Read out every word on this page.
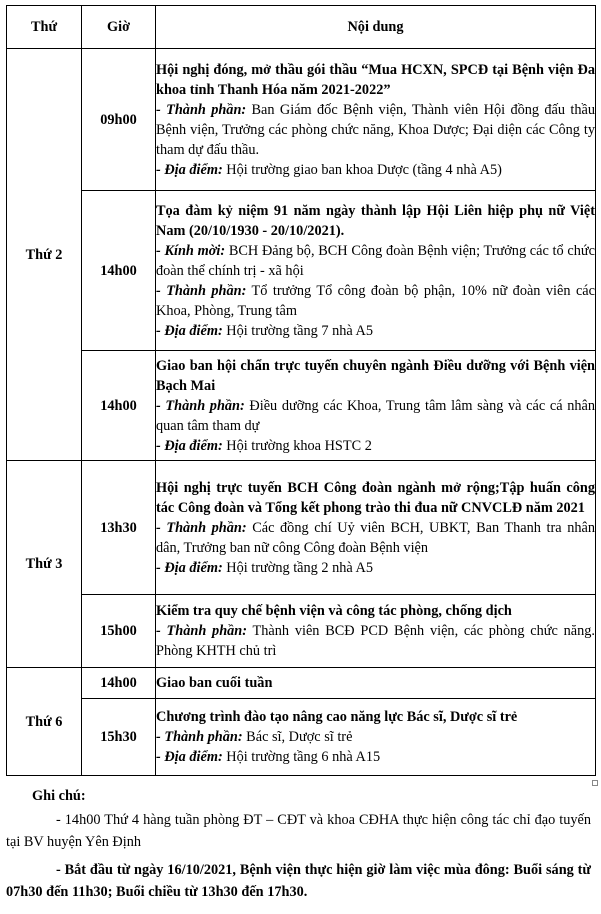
Thứ	Giờ	Nội dung
Thứ 2	09h00	Hội nghị đóng, mở thầu gói thầu “Mua HCXN, SPCĐ tại Bệnh viện Đa khoa tỉnh Thanh Hóa năm 2021-2022”
- Thành phần: Ban Giám đốc Bệnh viện, Thành viên Hội đồng đấu thầu Bệnh viện, Trưởng các phòng chức năng, Khoa Dược; Đại diện các Công ty tham dự đấu thầu.
- Địa điểm: Hội trường giao ban khoa Dược (tầng 4 nhà A5)

	14h00	Tọa đàm kỷ niệm 91 năm ngày thành lập Hội Liên hiệp phụ nữ Việt Nam (20/10/1930 - 20/10/2021).
- Kính mời: BCH Đảng bộ, BCH Công đoàn Bệnh viện; Trưởng các tổ chức đoàn thể chính trị - xã hội
- Thành phần: Tổ trưởng Tổ công đoàn bộ phận, 10% nữ đoàn viên các Khoa, Phòng, Trung tâm
- Địa điểm: Hội trường tầng 7 nhà A5

	14h00	Giao ban hội chẩn trực tuyến chuyên ngành Điều dưỡng với Bệnh viện Bạch Mai
- Thành phần: Điều dưỡng các Khoa, Trung tâm lâm sàng và các cá nhân quan tâm tham dự
- Địa điểm: Hội trường khoa HSTC 2

Thứ 3	13h30	Hội nghị trực tuyến BCH Công đoàn ngành mở rộng;Tập huấn công tác Công đoàn và Tổng kết phong trào thi đua nữ CNVCLĐ năm 2021
- Thành phần: Các đồng chí Uỷ viên BCH, UBKT, Ban Thanh tra nhân dân, Trưởng ban nữ công Công đoàn Bệnh viện
- Địa điểm: Hội trường tầng 2 nhà A5

	15h00	Kiểm tra quy chế bệnh viện và công tác phòng, chống dịch
- Thành phần: Thành viên BCĐ PCD Bệnh viện, các phòng chức năng. Phòng KHTH chủ trì

Thứ 6	14h00	Giao ban cuối tuần

	15h30	Chương trình đào tạo nâng cao năng lực Bác sĩ, Dược sĩ trẻ
- Thành phần: Bác sĩ, Dược sĩ trẻ
- Địa điểm: Hội trường tầng 6 nhà A15
Ghi chú:

- 14h00 Thứ 4 hàng tuần phòng ĐT – CĐT và khoa CĐHA thực hiện công tác chỉ đạo tuyến tại BV huyện Yên Định

- Bắt đầu từ ngày 16/10/2021, Bệnh viện thực hiện giờ làm việc mùa đông: Buổi sáng từ 07h30 đến 11h30; Buổi chiều từ 13h30 đến 17h30.
